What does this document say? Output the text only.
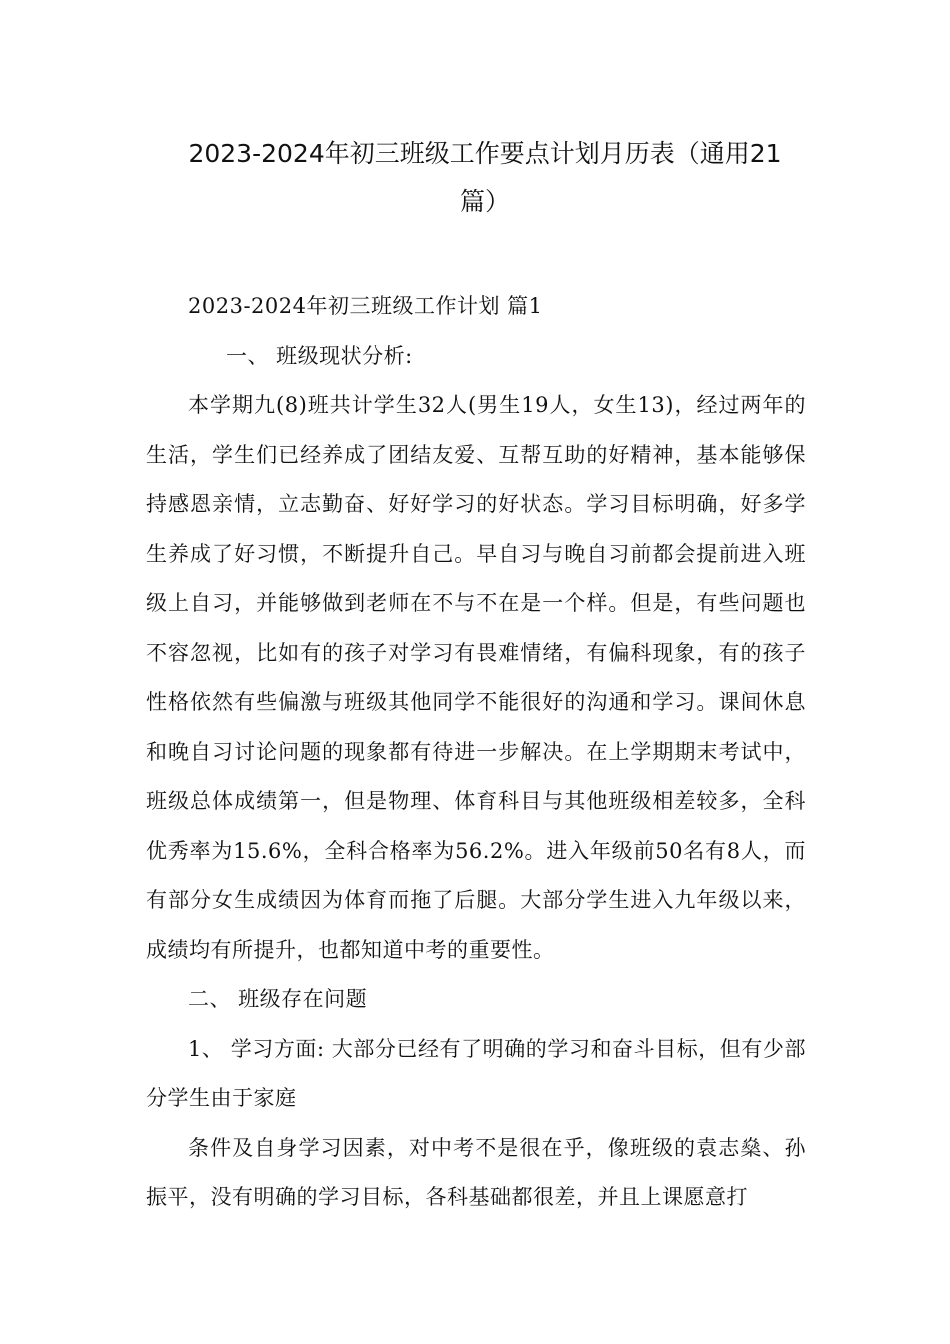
2023-2024年初三班级工作要点计划月历表（通用21
篇）

2023-2024年初三班级工作计划 篇1

一、 班级现状分析:

本学期九(8)班共计学生32人(男生19人，女生13)，经过两年的生活，学生们已经养成了团结友爱、互帮互助的好精神，基本能够保持感恩亲情，立志勤奋、好好学习的好状态。学习目标明确，好多学生养成了好习惯，不断提升自己。早自习与晚自习前都会提前进入班级上自习，并能够做到老师在不与不在是一个样。但是，有些问题也不容忽视，比如有的孩子对学习有畏难情绪，有偏科现象，有的孩子性格依然有些偏激与班级其他同学不能很好的沟通和学习。课间休息和晚自习讨论问题的现象都有待进一步解决。在上学期期末考试中，班级总体成绩第一，但是物理、体育科目与其他班级相差较多，全科优秀率为15.6%，全科合格率为56.2%。进入年级前50名有8人，而有部分女生成绩因为体育而拖了后腿。大部分学生进入九年级以来，成绩均有所提升，也都知道中考的重要性。

二、 班级存在问题

1、 学习方面: 大部分已经有了明确的学习和奋斗目标，但有少部分学生由于家庭

条件及自身学习因素，对中考不是很在乎，像班级的袁志燊、孙振平，没有明确的学习目标，各科基础都很差，并且上课愿意打
